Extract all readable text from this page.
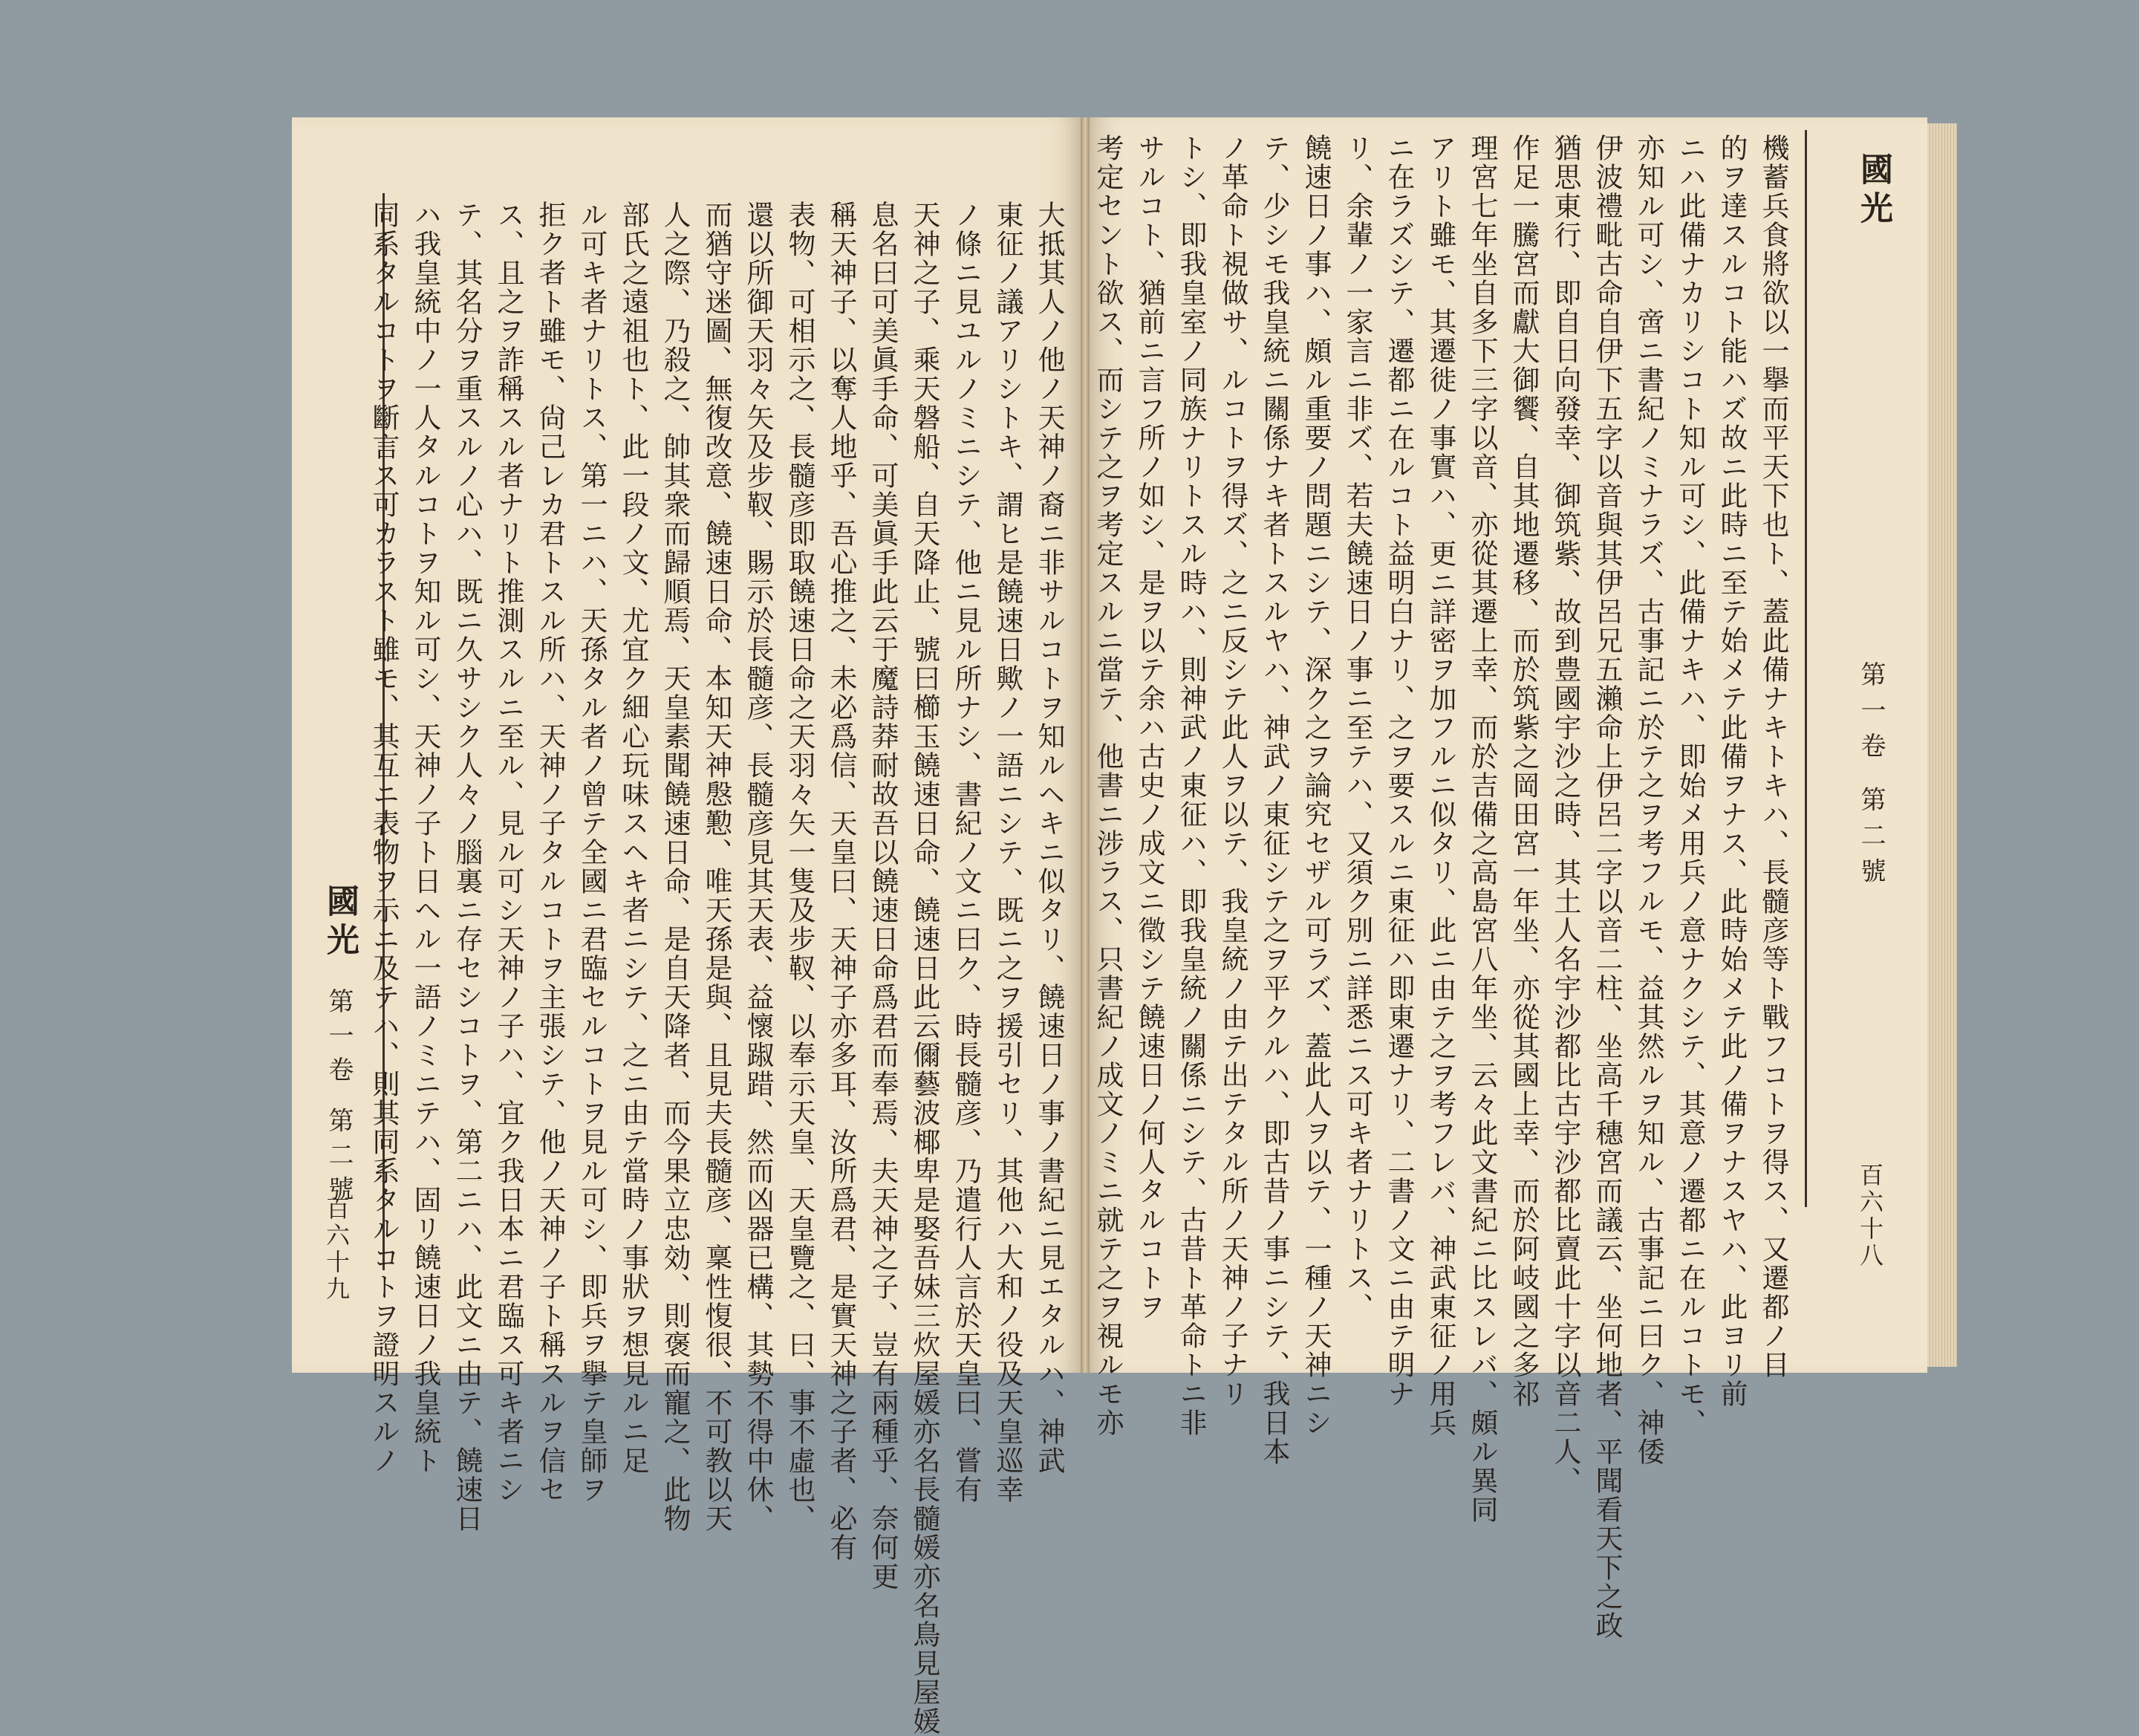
國光
第一卷 第二號
百六十八
國光
第一卷 第二號
百六十九	機蓄兵食將欲以一擧而平天下也ト、蓋此備ナキトキハ、長髓彦等ト戰フコトヲ得ス、又遷都ノ目
的ヲ達スルコト能ハズ故ニ此時ニ至テ始メテ此備ヲナス、此時始メテ此ノ備ヲナスヤハ、此ヨリ前
ニハ此備ナカリシコト知ル可シ、此備ナキハ、即始メ用兵ノ意ナクシテ、其意ノ遷都ニ在ルコトモ、
亦知ル可シ、啻ニ書紀ノミナラズ、古事記ニ於テ之ヲ考フルモ、益其然ルヲ知ル、古事記ニ曰ク、神倭
伊波禮毗古命自伊下五字以音與其伊呂兄五瀨命上伊呂二字以音二柱、坐高千穗宮而議云、坐何地者、平聞看天下之政
猶思東行、即自日向發幸、御筑紫、故到豊國宇沙之時、其土人名宇沙都比古宇沙都比賣此十字以音二人、
作足一騰宮而獻大御饗、自其地遷移、而於筑紫之岡田宮一年坐、亦從其國上幸、而於阿岐國之多祁
理宮七年坐自多下三字以音、亦從其遷上幸、而於吉備之高島宮八年坐、云々此文書紀ニ比スレバ、頗ル異同
アリト雖モ、其遷徙ノ事實ハ、更ニ詳密ヲ加フルニ似タリ、此ニ由テ之ヲ考フレバ、神武東征ノ用兵
ニ在ラズシテ、遷都ニ在ルコト益明白ナリ、之ヲ要スルニ東征ハ即東遷ナリ、二書ノ文ニ由テ明ナ
リ、余輩ノ一家言ニ非ズ、若夫饒速日ノ事ニ至テハ、又須ク別ニ詳悉ニス可キ者ナリトス、
饒速日ノ事ハ、頗ル重要ノ問題ニシテ、深ク之ヲ論究セザル可ラズ、蓋此人ヲ以テ、一種ノ天神ニシ
テ、少シモ我皇統ニ關係ナキ者トスルヤハ、神武ノ東征シテ之ヲ平クルハ、即古昔ノ事ニシテ、我日本
ノ革命ト視做サ、ルコトヲ得ズ、之ニ反シテ此人ヲ以テ、我皇統ノ由テ出テタル所ノ天神ノ子ナリ
トシ、即我皇室ノ同族ナリトスル時ハ、則神武ノ東征ハ、即我皇統ノ關係ニシテ、古昔ト革命トニ非
サルコト、猶前ニ言フ所ノ如シ、是ヲ以テ余ハ古史ノ成文ニ徵シテ饒速日ノ何人タルコトヲ
考定セント欲ス、而シテ之ヲ考定スルニ當テ、他書ニ涉ラス、只書紀ノ成文ノミニ就テ之ヲ視ルモ亦
大抵其人ノ他ノ天神ノ裔ニ非サルコトヲ知ルヘキニ似タリ、饒速日ノ事ノ書紀ニ見エタルハ、神武
東征ノ議アリシトキ、謂ヒ是饒速日歟ノ一語ニシテ、既ニ之ヲ援引セリ、其他ハ大和ノ役及天皇巡幸
ノ條ニ見ユルノミニシテ、他ニ見ル所ナシ、書紀ノ文ニ曰ク、時長髓彦、乃遣行人言於天皇曰、嘗有
天神之子、乘天磐船、自天降止、號曰櫛玉饒速日命、饒速日此云儞藝波椰卑是娶吾妹三炊屋媛亦名長髓媛亦名鳥見屋媛
息名曰可美眞手命、可美眞手此云于魔詩莽耐故吾以饒速日命爲君而奉焉、夫天神之子、豈有兩種乎、奈何更
稱天神子、以奪人地乎、吾心推之、未必爲信、天皇曰、天神子亦多耳、汝所爲君、是實天神之子者、必有
表物、可相示之、長髓彦即取饒速日命之天羽々矢一隻及步靫、以奉示天皇、天皇覽之、曰、事不虛也、
還以所御天羽々矢及步靫、賜示於長髓彦、長髓彦見其天表、益懷踧踖、然而凶器已構、其勢不得中休、
而猶守迷圖、無復改意、饒速日命、本知天神慇懃、唯天孫是與、且見夫長髓彦、稟性愎很、不可教以天
人之際、乃殺之、帥其衆而歸順焉、天皇素聞饒速日命、是自天降者、而今果立忠効、則褒而寵之、此物
部氏之遠祖也ト、此一段ノ文、尤宜ク細心玩味スヘキ者ニシテ、之ニ由テ當時ノ事狀ヲ想見ルニ足
ル可キ者ナリトス、第一ニハ、天孫タル者ノ曾テ全國ニ君臨セルコトヲ見ル可シ、即兵ヲ擧テ皇師ヲ
拒ク者ト雖モ、尙己レカ君トスル所ハ、天神ノ子タルコトヲ主張シテ、他ノ天神ノ子ト稱スルヲ信セ
ス、且之ヲ詐稱スル者ナリト推測スルニ至ル、見ル可シ天神ノ子ハ、宜ク我日本ニ君臨ス可キ者ニシ
テ、其名分ヲ重スルノ心ハ、既ニ久サシク人々ノ腦裏ニ存セシコトヲ、第二ニハ、此文ニ由テ、饒速日
ハ我皇統中ノ一人タルコトヲ知ル可シ、天神ノ子ト日ヘル一語ノミニテハ、固リ饒速日ノ我皇統ト
同系タルコトヲ斷言ス可カラスト雖モ、其互ニ表物ヲ示ニ及テハ、則其同系タルコトヲ證明スルノ
